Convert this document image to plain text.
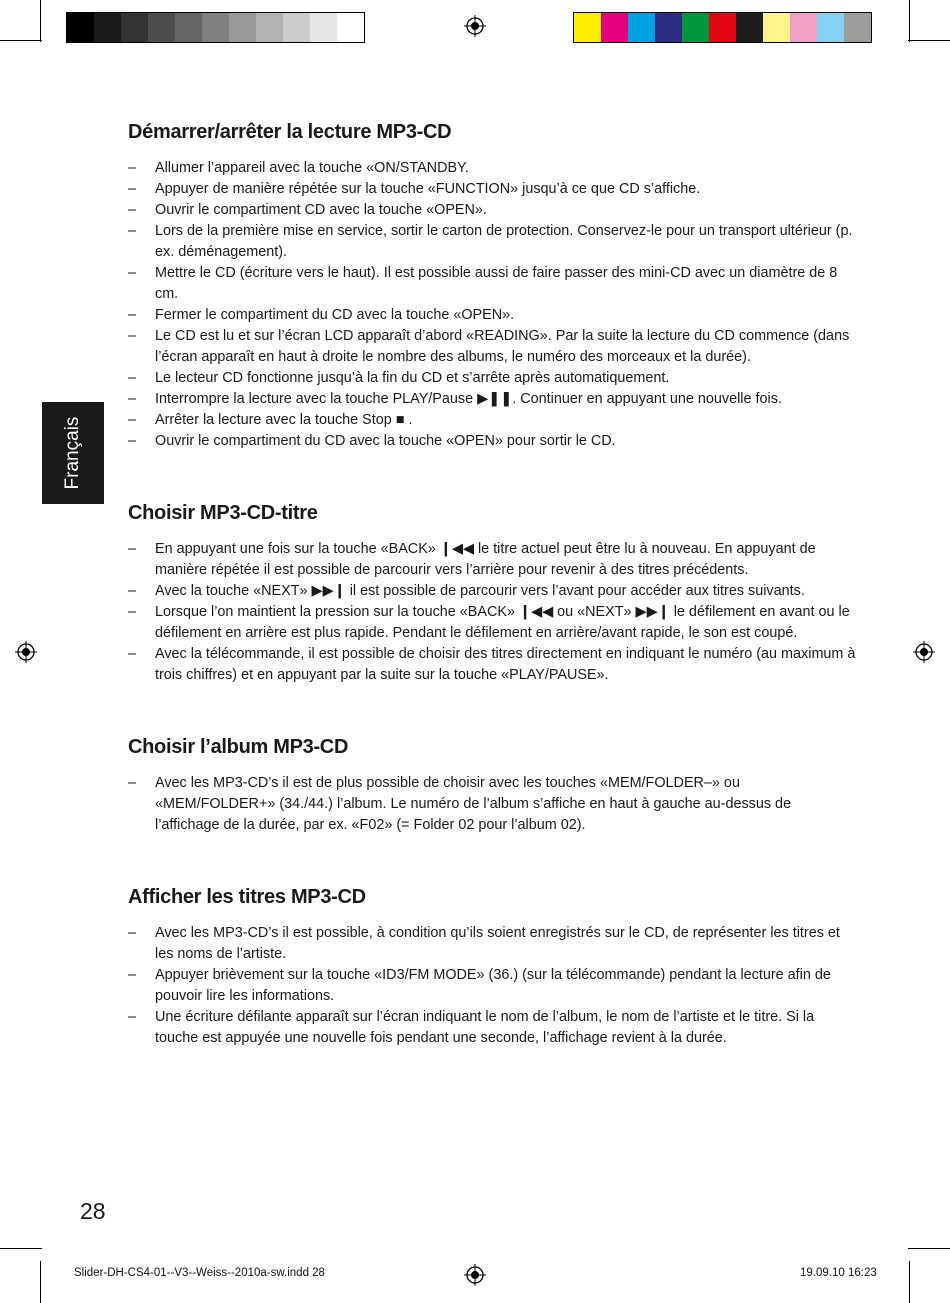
Français
Démarrer/arrêter la lecture MP3-CD
– Allumer l’appareil avec la touche «ON/STANDBY.
– Appuyer de manière répétée sur la touche «FUNCTION» jusqu’à ce que CD s’affiche.
– Ouvrir le compartiment CD avec la touche «OPEN».
– Lors de la première mise en service, sortir le carton de protection. Conservez-le pour un transport ultérieur (p. ex. déménagement).
– Mettre le CD (écriture vers le haut). Il est possible aussi de faire passer des mini-CD avec un diamètre de 8 cm.
– Fermer le compartiment du CD avec la touche «OPEN».
– Le CD est lu et sur l’écran LCD apparaît d’abord «READING». Par la suite la lecture du CD commence (dans l’écran apparaît en haut à droite le nombre des albums, le numéro des morceaux et la durée).
– Le lecteur CD fonctionne jusqu’à la fin du CD et s’arrête après automatiquement.
– Interrompre la lecture avec la touche PLAY/Pause ▶❚❚. Continuer en appuyant une nouvelle fois.
– Arrêter la lecture avec la touche Stop ■ .
– Ouvrir le compartiment du CD avec la touche «OPEN» pour sortir le CD.
Choisir MP3-CD-titre
– En appuyant une fois sur la touche «BACK» ❙◀◀ le titre actuel peut être lu à nouveau. En appuyant de manière répétée il est possible de parcourir vers l’arrière pour revenir à des titres précédents.
– Avec la touche «NEXT» ▶▶❙ il est possible de parcourir vers l’avant pour accéder aux titres suivants.
– Lorsque l’on maintient la pression sur la touche «BACK» ❙◀◀ ou «NEXT» ▶▶❙ le défilement en avant ou le défilement en arrière est plus rapide. Pendant le défilement en arrière/avant rapide, le son est coupé.
– Avec la télécommande, il est possible de choisir des titres directement en indiquant le numéro (au maximum à trois chiffres) et en appuyant par la suite sur la touche «PLAY/PAUSE».
Choisir l’album MP3-CD
– Avec les MP3-CD’s il est de plus possible de choisir avec les touches «MEM/FOLDER–» ou «MEM/FOLDER+» (34./44.) l’album. Le numéro de l’album s’affiche en haut à gauche au-dessus de l’affichage de la durée, par ex. «F02» (= Folder 02 pour l’album 02).
Afficher les titres MP3-CD
– Avec les MP3-CD’s il est possible, à condition qu’ils soient enregistrés sur le CD, de représenter les titres et les noms de l’artiste.
– Appuyer brièvement sur la touche «ID3/FM MODE» (36.) (sur la télécommande) pendant la lecture afin de pouvoir lire les informations.
– Une écriture défilante apparaît sur l’écran indiquant le nom de l’album, le nom de l’artiste et le titre. Si la touche est appuyée une nouvelle fois pendant une seconde, l’affichage revient à la durée.
28
Slider-DH-CS4-01--V3--Weiss--2010a-sw.indd 28	19.09.10 16:23
